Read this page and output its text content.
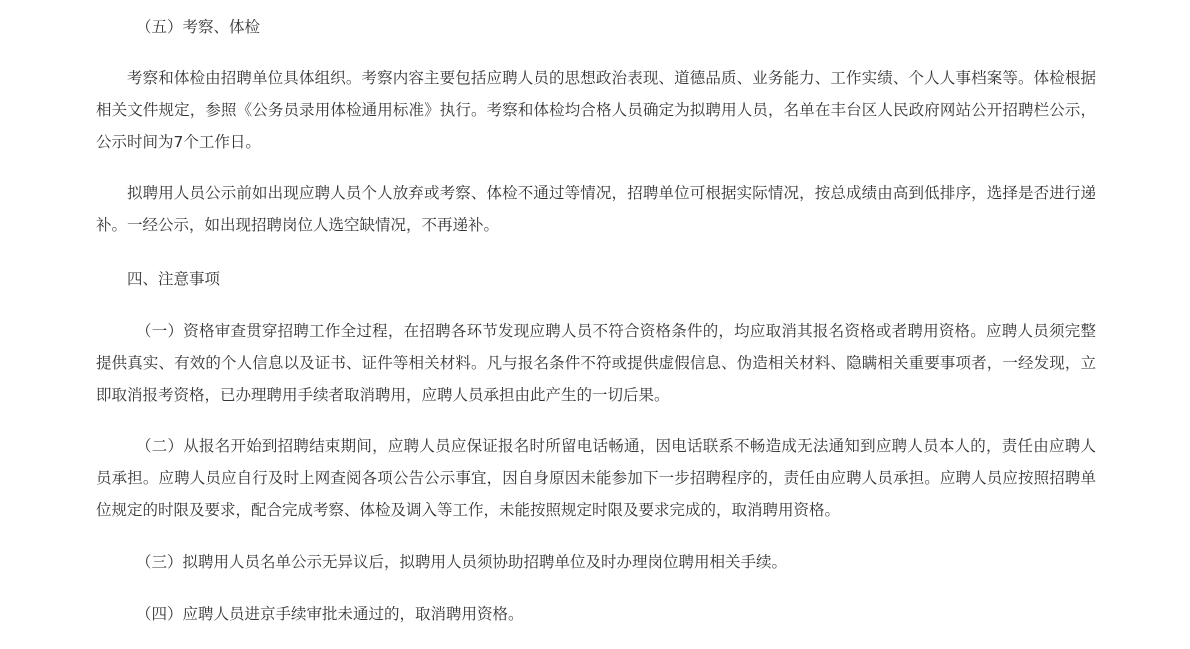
（五）考察、体检

考察和体检由招聘单位具体组织。考察内容主要包括应聘人员的思想政治表现、道德品质、业务能力、工作实绩、个人人事档案等。体检根据相关文件规定，参照《公务员录用体检通用标准》执行。考察和体检均合格人员确定为拟聘用人员，名单在丰台区人民政府网站公开招聘栏公示，公示时间为7个工作日。

拟聘用人员公示前如出现应聘人员个人放弃或考察、体检不通过等情况，招聘单位可根据实际情况，按总成绩由高到低排序，选择是否进行递补。一经公示，如出现招聘岗位人选空缺情况，不再递补。

四、注意事项

（一）资格审查贯穿招聘工作全过程，在招聘各环节发现应聘人员不符合资格条件的，均应取消其报名资格或者聘用资格。应聘人员须完整提供真实、有效的个人信息以及证书、证件等相关材料。凡与报名条件不符或提供虚假信息、伪造相关材料、隐瞒相关重要事项者，一经发现，立即取消报考资格，已办理聘用手续者取消聘用，应聘人员承担由此产生的一切后果。

（二）从报名开始到招聘结束期间，应聘人员应保证报名时所留电话畅通，因电话联系不畅造成无法通知到应聘人员本人的，责任由应聘人员承担。应聘人员应自行及时上网查阅各项公告公示事宜，因自身原因未能参加下一步招聘程序的，责任由应聘人员承担。应聘人员应按照招聘单位规定的时限及要求，配合完成考察、体检及调入等工作，未能按照规定时限及要求完成的，取消聘用资格。

（三）拟聘用人员名单公示无异议后，拟聘用人员须协助招聘单位及时办理岗位聘用相关手续。

（四）应聘人员进京手续审批未通过的，取消聘用资格。
